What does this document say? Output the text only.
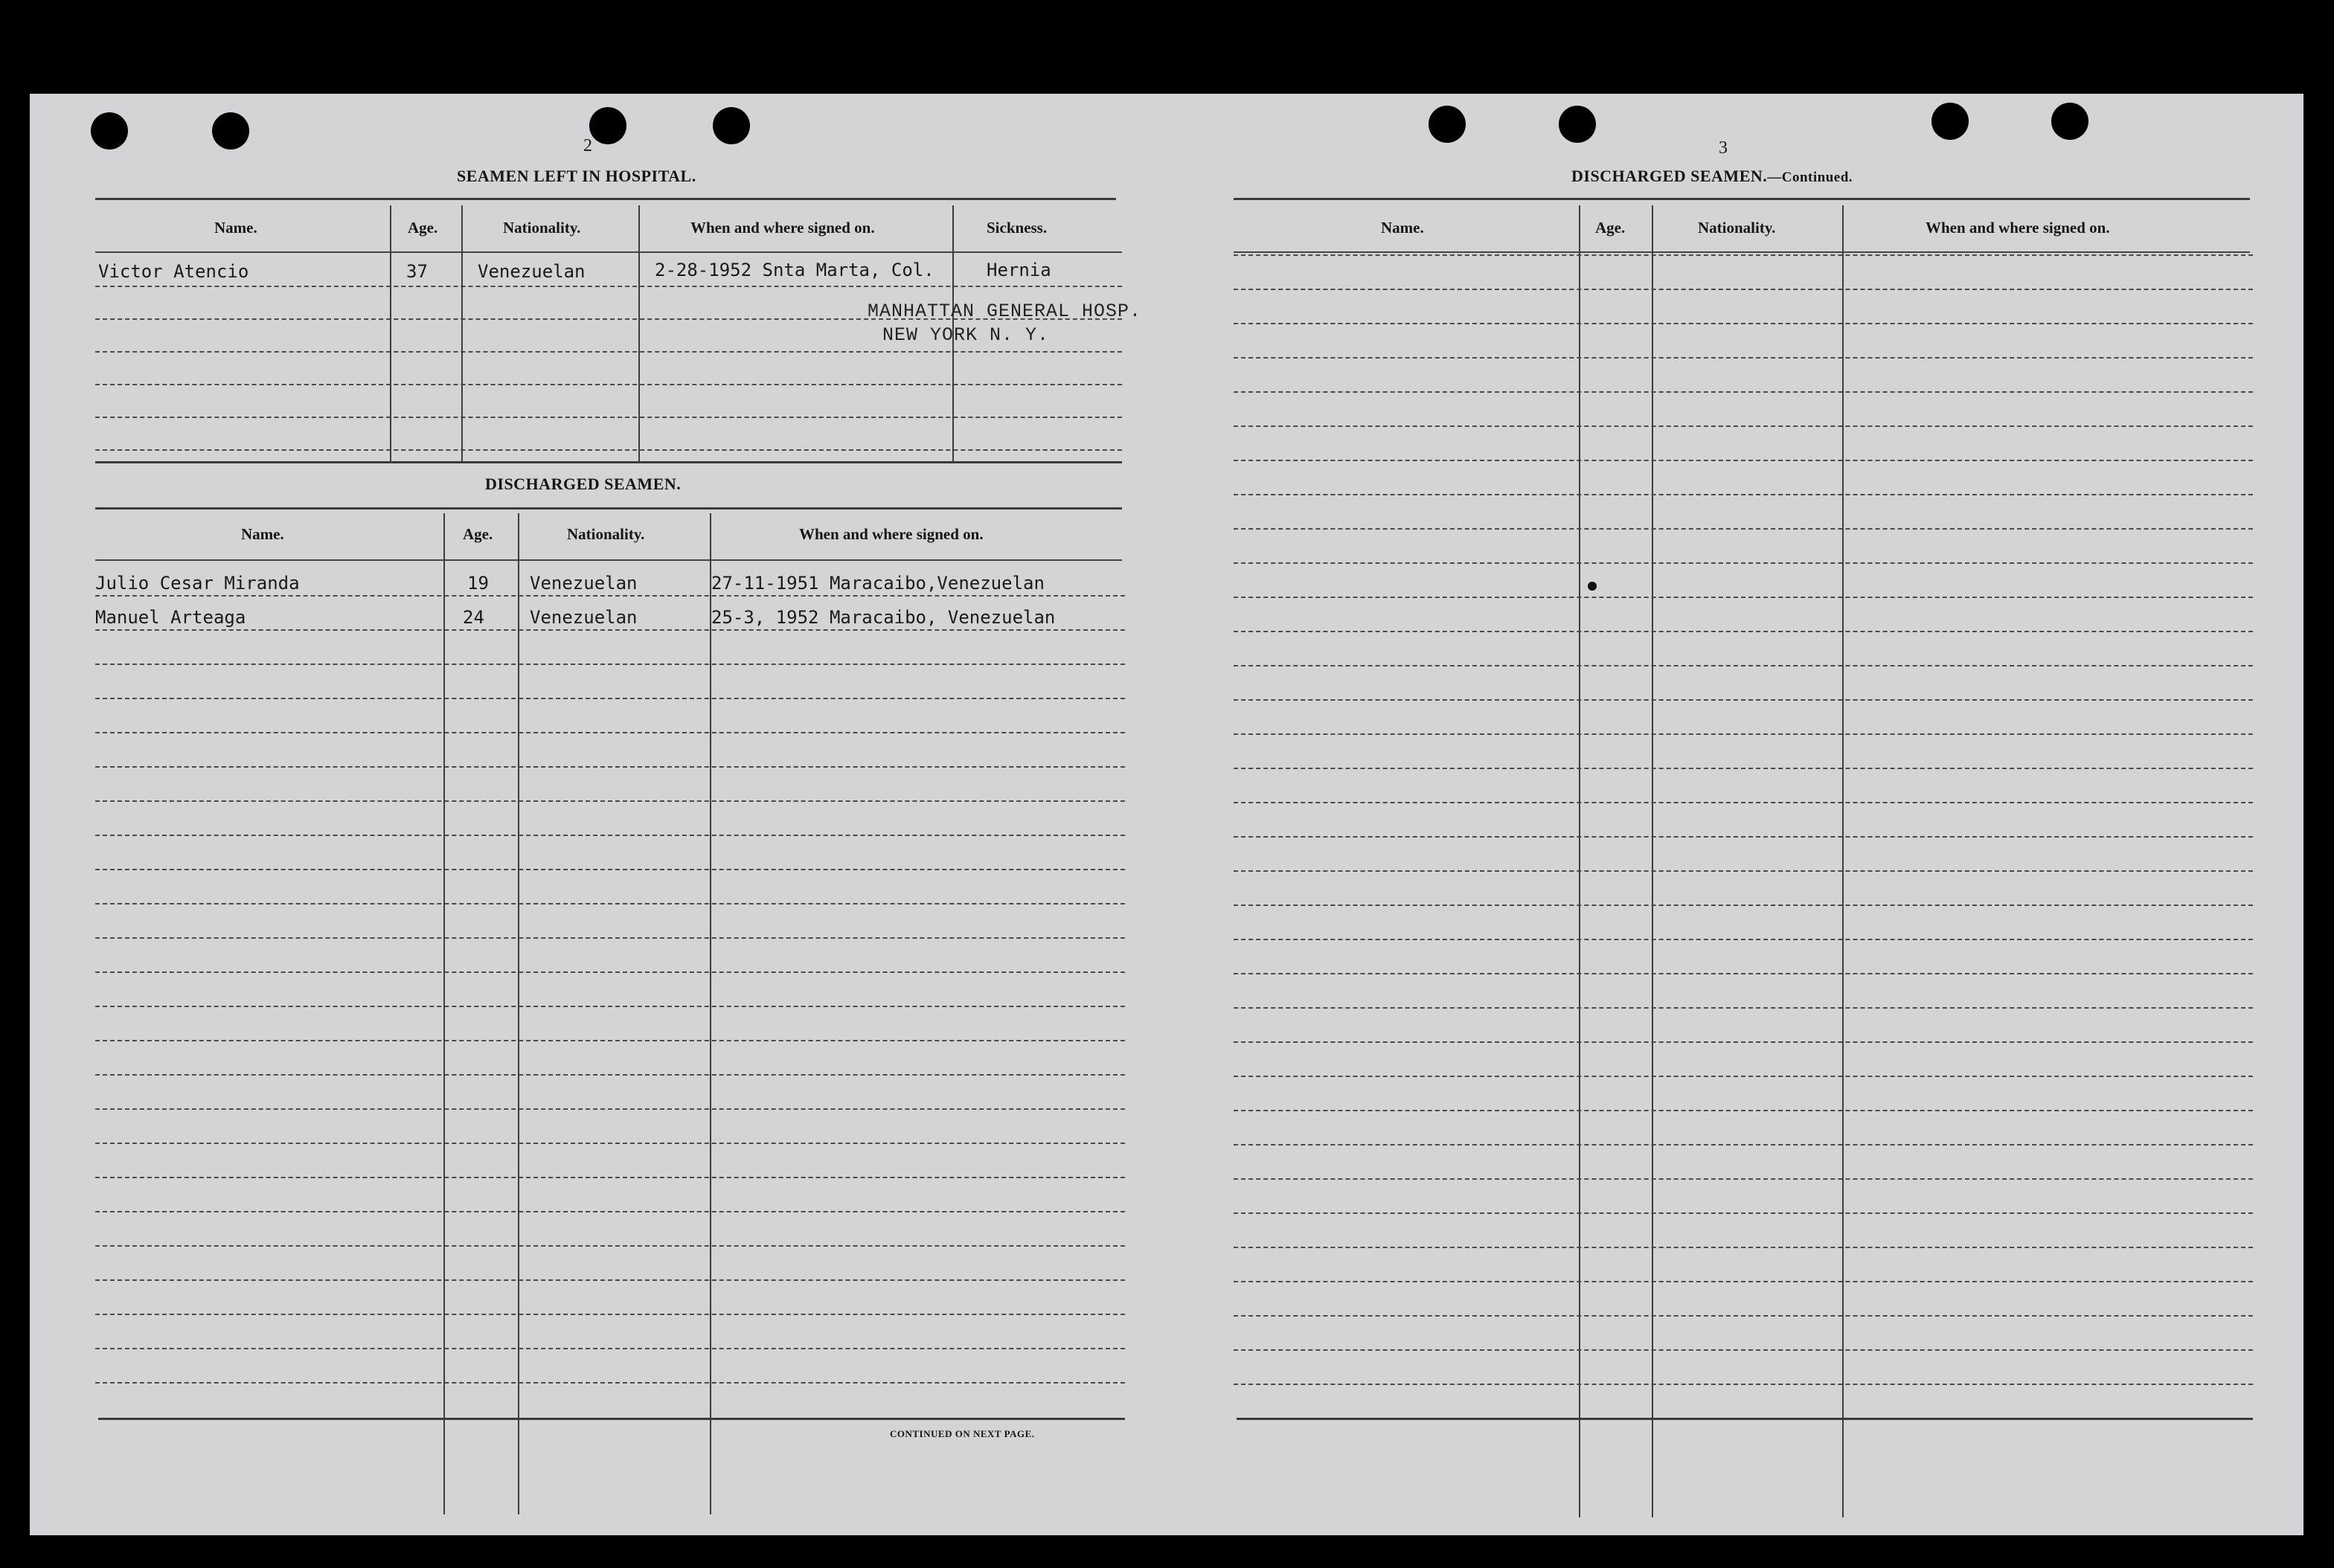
2
SEAMEN LEFT IN HOSPITAL.
Name.	Age.	Nationality.	When and where signed on.	Sickness.
Victor Atencio	37	Venezuelan	2-28-1952 Snta Marta, Col.	Hernia
MANHATTAN GENERAL HOSP.
NEW YORK N. Y.
DISCHARGED SEAMEN.
Name.	Age.	Nationality.	When and where signed on.
Julio Cesar Miranda	19 Venezuelan	27-11-1951 Maracaibo,Venezuelan
Manuel Arteaga	24	Venezuelan	25-3, 1952 Maracaibo, Venezuelan
CONTINUED ON NEXT PAGE.
3
DISCHARGED SEAMEN.—Continued.
Name.	Age.	Nationality.	When and where signed on.
